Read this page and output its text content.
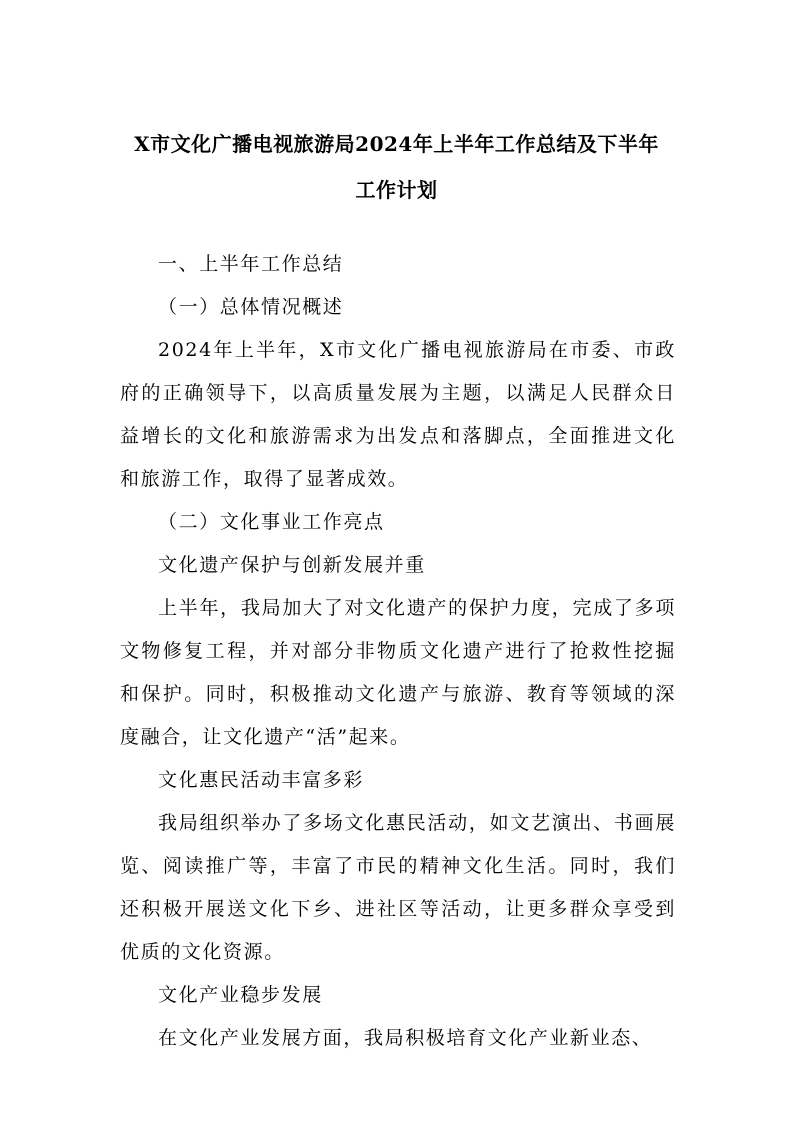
X市文化广播电视旅游局2024年上半年工作总结及下半年
工作计划

一、上半年工作总结

（一）总体情况概述

2024年上半年，X市文化广播电视旅游局在市委、市政府的正确领导下，以高质量发展为主题，以满足人民群众日益增长的文化和旅游需求为出发点和落脚点，全面推进文化和旅游工作，取得了显著成效。

（二）文化事业工作亮点

文化遗产保护与创新发展并重

上半年，我局加大了对文化遗产的保护力度，完成了多项文物修复工程，并对部分非物质文化遗产进行了抢救性挖掘和保护。同时，积极推动文化遗产与旅游、教育等领域的深度融合，让文化遗产“活”起来。

文化惠民活动丰富多彩

我局组织举办了多场文化惠民活动，如文艺演出、书画展览、阅读推广等，丰富了市民的精神文化生活。同时，我们还积极开展送文化下乡、进社区等活动，让更多群众享受到优质的文化资源。

文化产业稳步发展

在文化产业发展方面，我局积极培育文化产业新业态、
